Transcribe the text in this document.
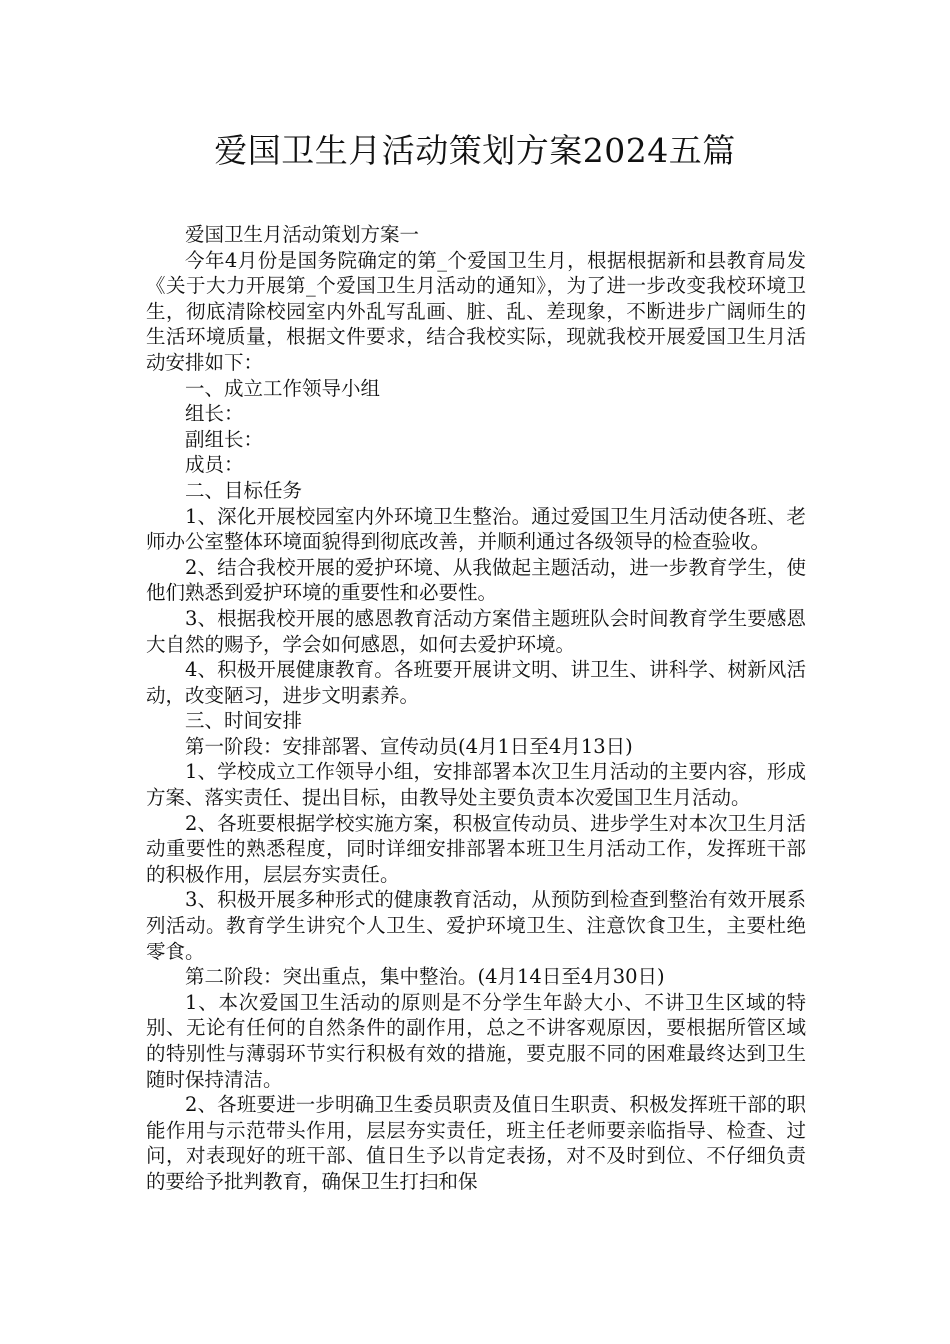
爱国卫生月活动策划方案2024五篇

爱国卫生月活动策划方案一

今年4月份是国务院确定的第_个爱国卫生月，根据根据新和县教育局发《关于大力开展第_个爱国卫生月活动的通知》，为了进一步改变我校环境卫生，彻底清除校园室内外乱写乱画、脏、乱、差现象，不断进步广阔师生的生活环境质量，根据文件要求，结合我校实际，现就我校开展爱国卫生月活动安排如下：

一、成立工作领导小组

组长：

副组长：

成员：

二、目标任务

1、深化开展校园室内外环境卫生整治。通过爱国卫生月活动使各班、老师办公室整体环境面貌得到彻底改善，并顺利通过各级领导的检查验收。

2、结合我校开展的爱护环境、从我做起主题活动，进一步教育学生，使他们熟悉到爱护环境的重要性和必要性。

3、根据我校开展的感恩教育活动方案借主题班队会时间教育学生要感恩大自然的赐予，学会如何感恩，如何去爱护环境。

4、积极开展健康教育。各班要开展讲文明、讲卫生、讲科学、树新风活动，改变陋习，进步文明素养。

三、时间安排

第一阶段：安排部署、宣传动员(4月1日至4月13日)

1、学校成立工作领导小组，安排部署本次卫生月活动的主要内容，形成方案、落实责任、提出目标，由教导处主要负责本次爱国卫生月活动。

2、各班要根据学校实施方案，积极宣传动员、进步学生对本次卫生月活动重要性的熟悉程度，同时详细安排部署本班卫生月活动工作，发挥班干部的积极作用，层层夯实责任。

3、积极开展多种形式的健康教育活动，从预防到检查到整治有效开展系列活动。教育学生讲究个人卫生、爱护环境卫生、注意饮食卫生，主要杜绝零食。

第二阶段：突出重点，集中整治。(4月14日至4月30日)

1、本次爱国卫生活动的原则是不分学生年龄大小、不讲卫生区域的特别、无论有任何的自然条件的副作用，总之不讲客观原因，要根据所管区域的特别性与薄弱环节实行积极有效的措施，要克服不同的困难最终达到卫生随时保持清洁。

2、各班要进一步明确卫生委员职责及值日生职责、积极发挥班干部的职能作用与示范带头作用，层层夯实责任，班主任老师要亲临指导、检查、过问，对表现好的班干部、值日生予以肯定表扬，对不及时到位、不仔细负责的要给予批判教育，确保卫生打扫和保
